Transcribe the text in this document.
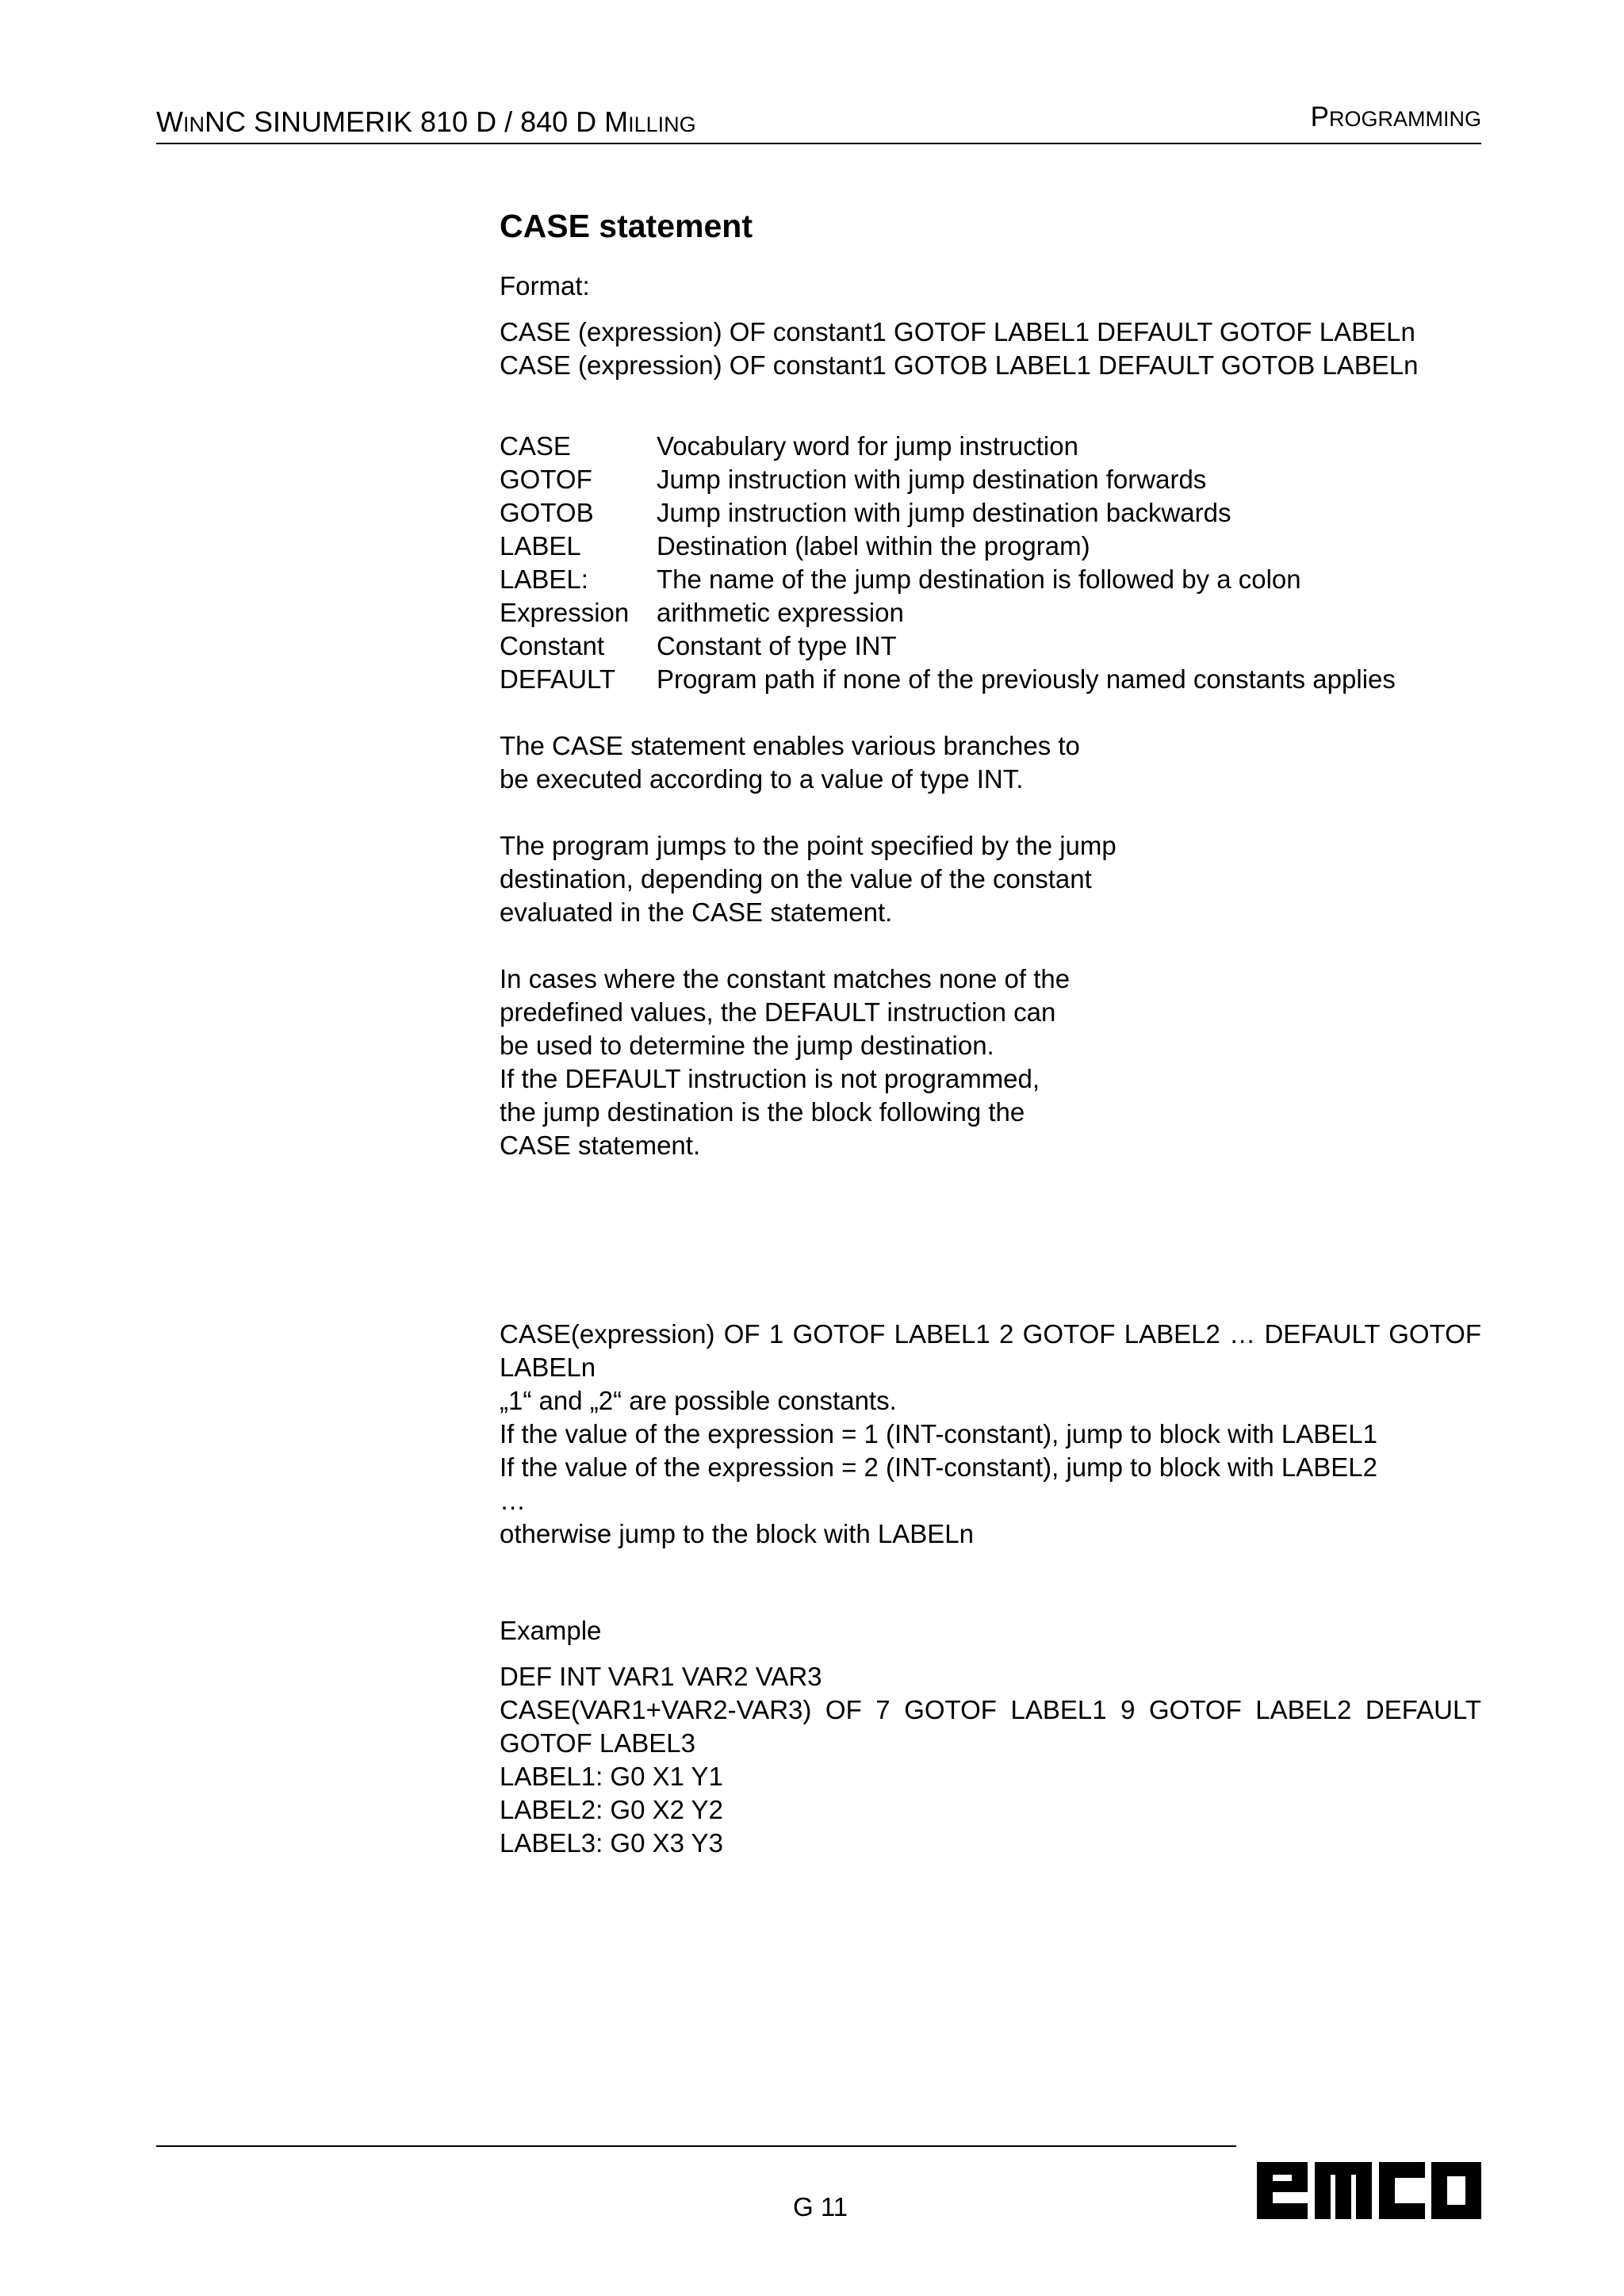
WINNC SINUMERIK 810 D / 840 D MILLING	PROGRAMMING
CASE statement

Format:

CASE (expression) OF constant1 GOTOF LABEL1 DEFAULT GOTOF LABELn

CASE (expression) OF constant1 GOTOB LABEL1 DEFAULT GOTOB LABELn

CASE	Vocabulary word for jump instruction
GOTOF	Jump instruction with jump destination forwards
GOTOB	Jump instruction with jump destination backwards
LABEL	Destination (label within the program)
LABEL:	The name of the jump destination is followed by a colon
Expression	arithmetic expression
Constant	Constant of type INT
DEFAULT	Program path if none of the previously named constants applies

The CASE statement enables various branches to

be executed according to a value of type INT.

The program jumps to the point specified by the jump

destination, depending on the value of the constant

evaluated in the CASE statement.

In cases where the constant matches none of the

predefined values, the DEFAULT instruction can

be used to determine the jump destination.

If the DEFAULT instruction is not programmed,

the jump destination is the block following the

CASE statement.

CASE(expression) OF 1 GOTOF LABEL1 2 GOTOF LABEL2 … DEFAULT GOTOF LABELn

„1“ and „2“ are possible constants.

If the value of the expression = 1 (INT-constant), jump to block with LABEL1

If the value of the expression = 2 (INT-constant), jump to block with LABEL2

…

otherwise jump to the block with LABELn

Example

DEF INT VAR1 VAR2 VAR3

CASE(VAR1+VAR2-VAR3) OF 7 GOTOF LABEL1 9 GOTOF LABEL2 DEFAULT GOTOF LABEL3

LABEL1: G0 X1 Y1

LABEL2: G0 X2 Y2

LABEL3: G0 X3 Y3

G 11
